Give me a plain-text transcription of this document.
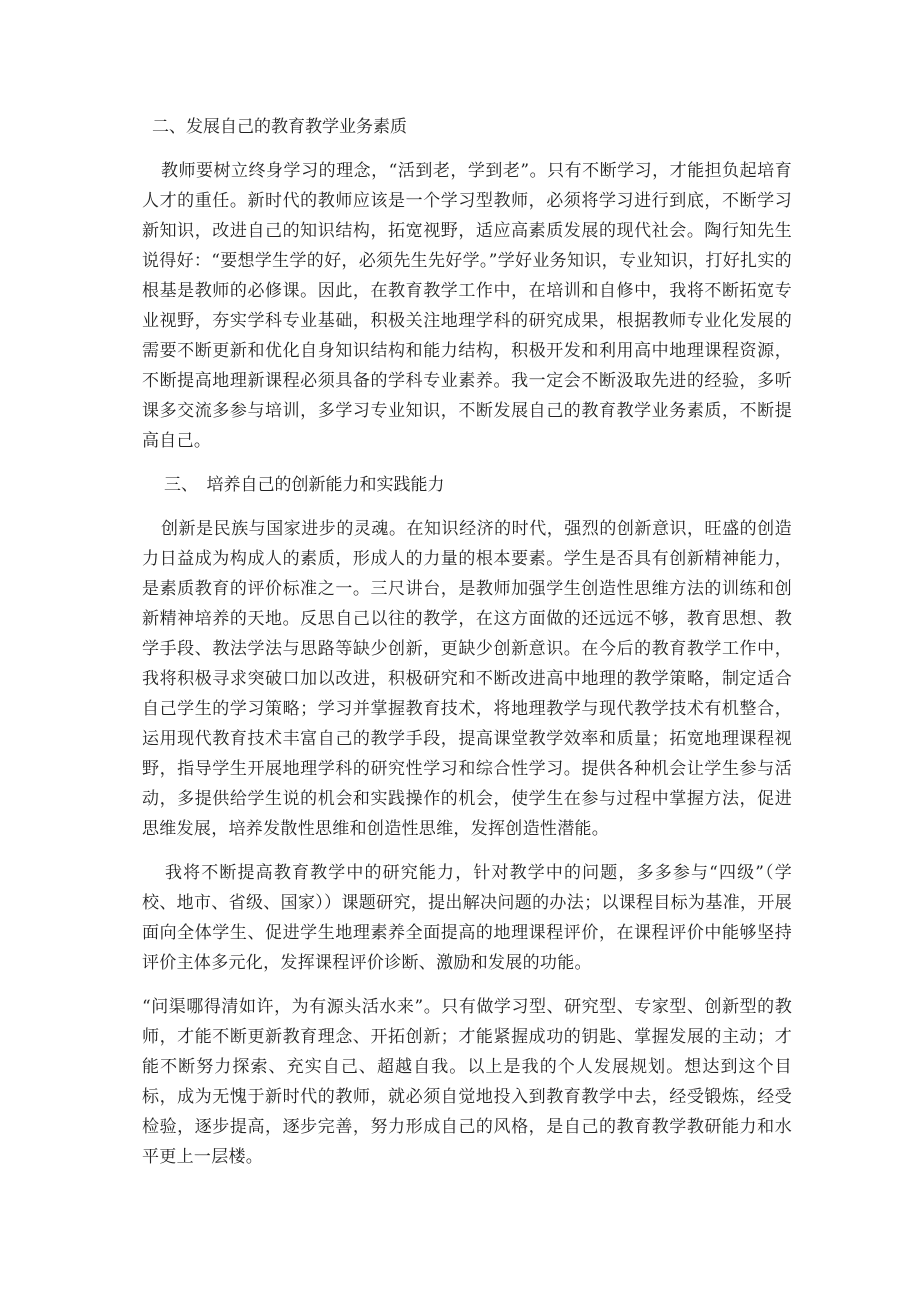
二、发展自己的教育教学业务素质

教师要树立终身学习的理念，“活到老，学到老”。只有不断学习，才能担负起培育人才的重任。新时代的教师应该是一个学习型教师，必须将学习进行到底，不断学习新知识，改进自己的知识结构，拓宽视野，适应高素质发展的现代社会。陶行知先生说得好：“要想学生学的好，必须先生先好学。”学好业务知识，专业知识，打好扎实的根基是教师的必修课。因此，在教育教学工作中，在培训和自修中，我将不断拓宽专业视野，夯实学科专业基础，积极关注地理学科的研究成果，根据教师专业化发展的需要不断更新和优化自身知识结构和能力结构，积极开发和利用高中地理课程资源，不断提高地理新课程必须具备的学科专业素养。我一定会不断汲取先进的经验，多听课多交流多参与培训，多学习专业知识，不断发展自己的教育教学业务素质，不断提高自己。

三、　培养自己的创新能力和实践能力

创新是民族与国家进步的灵魂。在知识经济的时代，强烈的创新意识，旺盛的创造力日益成为构成人的素质，形成人的力量的根本要素。学生是否具有创新精神能力，是素质教育的评价标准之一。三尺讲台，是教师加强学生创造性思维方法的训练和创新精神培养的天地。反思自己以往的教学，在这方面做的还远远不够，教育思想、教学手段、教法学法与思路等缺少创新，更缺少创新意识。在今后的教育教学工作中，我将积极寻求突破口加以改进，积极研究和不断改进高中地理的教学策略，制定适合自己学生的学习策略；学习并掌握教育技术，将地理教学与现代教学技术有机整合，运用现代教育技术丰富自己的教学手段，提高课堂教学效率和质量；拓宽地理课程视野，指导学生开展地理学科的研究性学习和综合性学习。提供各种机会让学生参与活动，多提供给学生说的机会和实践操作的机会，使学生在参与过程中掌握方法，促进思维发展，培养发散性思维和创造性思维，发挥创造性潜能。

我将不断提高教育教学中的研究能力，针对教学中的问题，多多参与“四级”（学校、地市、省级、国家））课题研究，提出解决问题的办法；以课程目标为基准，开展面向全体学生、促进学生地理素养全面提高的地理课程评价，在课程评价中能够坚持评价主体多元化，发挥课程评价诊断、激励和发展的功能。

“问渠哪得清如许，为有源头活水来”。只有做学习型、研究型、专家型、创新型的教师，才能不断更新教育理念、开拓创新；才能紧握成功的钥匙、掌握发展的主动；才能不断努力探索、充实自己、超越自我。以上是我的个人发展规划。想达到这个目标，成为无愧于新时代的教师，就必须自觉地投入到教育教学中去，经受锻炼，经受检验，逐步提高，逐步完善，努力形成自己的风格，是自己的教育教学教研能力和水平更上一层楼。
